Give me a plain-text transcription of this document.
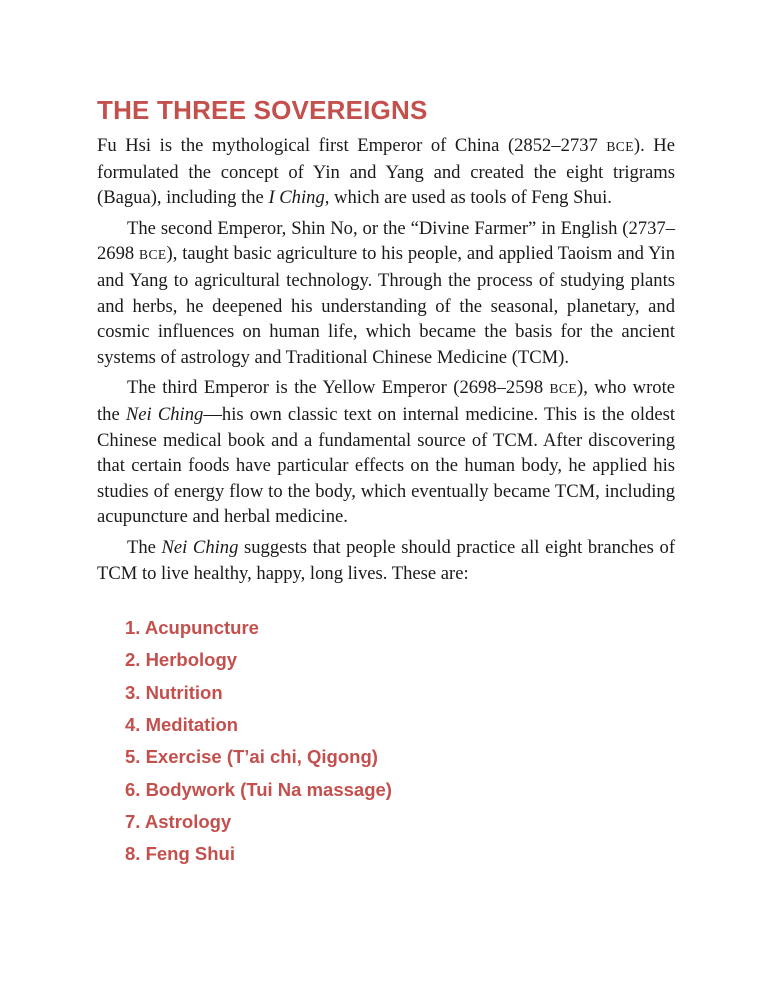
THE THREE SOVEREIGNS

Fu Hsi is the mythological first Emperor of China (2852–2737 BCE). He formulated the concept of Yin and Yang and created the eight trigrams (Bagua), including the I Ching, which are used as tools of Feng Shui.

The second Emperor, Shin No, or the “Divine Farmer” in English (2737–2698 BCE), taught basic agriculture to his people, and applied Taoism and Yin and Yang to agricultural technology. Through the process of studying plants and herbs, he deepened his understanding of the seasonal, planetary, and cosmic influences on human life, which became the basis for the ancient systems of astrology and Traditional Chinese Medicine (TCM).

The third Emperor is the Yellow Emperor (2698–2598 BCE), who wrote the Nei Ching—his own classic text on internal medicine. This is the oldest Chinese medical book and a fundamental source of TCM. After discovering that certain foods have particular effects on the human body, he applied his studies of energy flow to the body, which eventually became TCM, including acupuncture and herbal medicine.

The Nei Ching suggests that people should practice all eight branches of TCM to live healthy, happy, long lives. These are:

1. Acupuncture
2. Herbology
3. Nutrition
4. Meditation
5. Exercise (T’ai chi, Qigong)
6. Bodywork (Tui Na massage)
7. Astrology
8. Feng Shui
